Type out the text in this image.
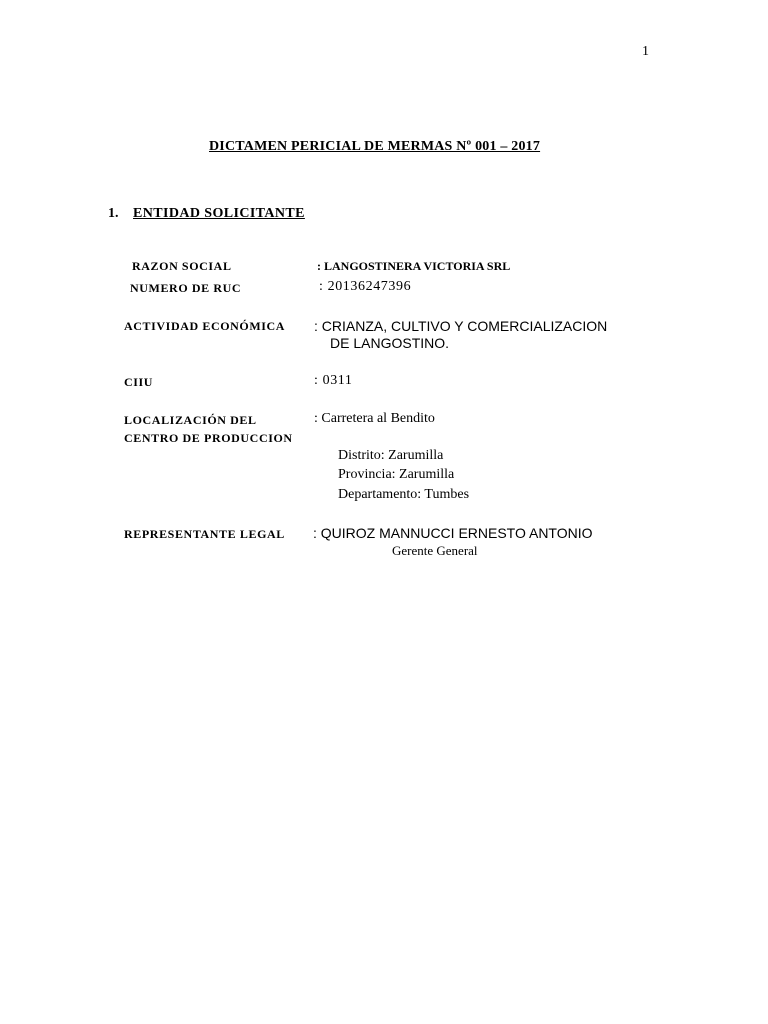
1
DICTAMEN PERICIAL DE MERMAS Nº 001 – 2017
1. ENTIDAD SOLICITANTE
RAZON SOCIAL	: LANGOSTINERA VICTORIA SRL
NUMERO DE RUC	: 20136247396
ACTIVIDAD ECONÓMICA : CRIANZA, CULTIVO Y COMERCIALIZACION
DE LANGOSTINO.
CIIU	: 0311
LOCALIZACIÓN DEL
CENTRO DE PRODUCCION
: Carretera al Bendito
Distrito: Zarumilla
Provincia: Zarumilla
Departamento: Tumbes
REPRESENTANTE LEGAL : QUIROZ MANNUCCI ERNESTO ANTONIO
Gerente General
